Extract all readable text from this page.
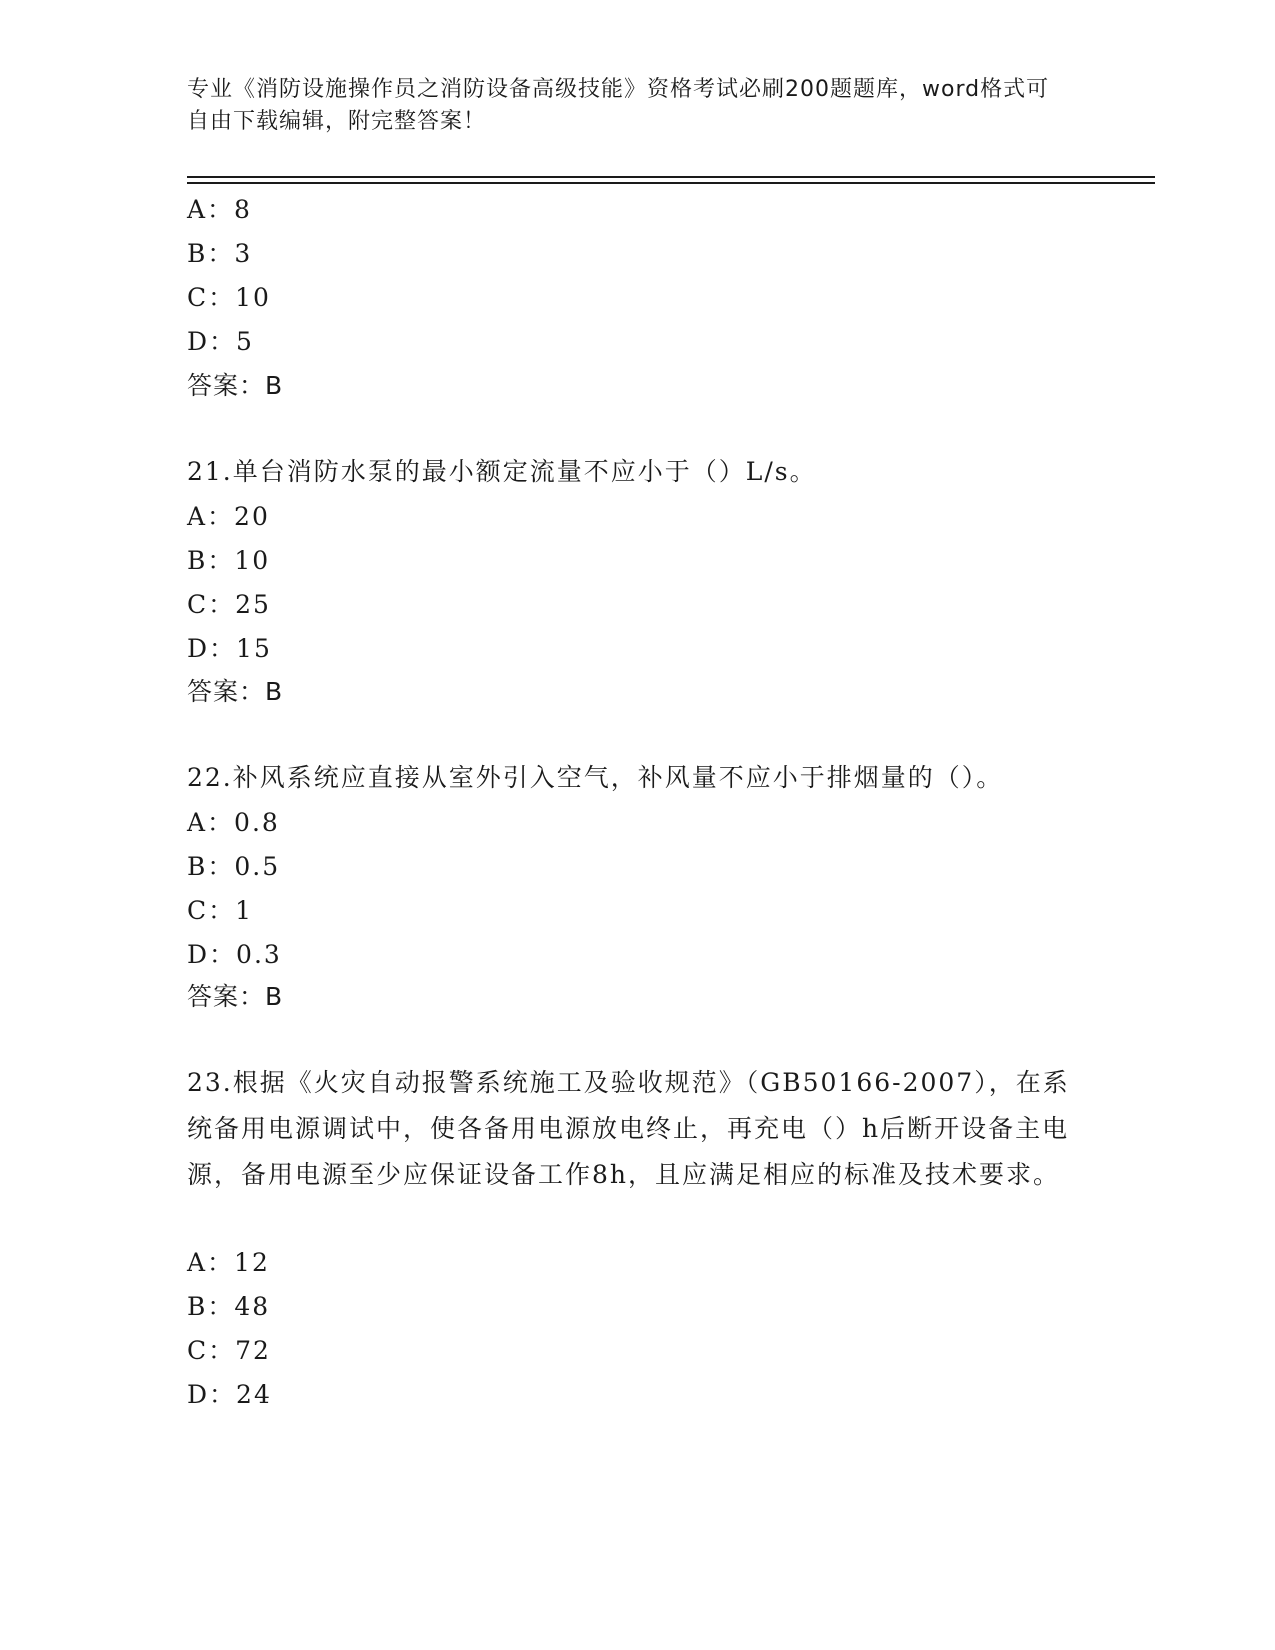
专业《消防设施操作员之消防设备高级技能》资格考试必刷200题题库，word格式可自由下载编辑，附完整答案！
A：8
B：3
C：10
D：5
答案：B
21.单台消防水泵的最小额定流量不应小于（）L/s。
A：20
B：10
C：25
D：15
答案：B
22.补风系统应直接从室外引入空气，补风量不应小于排烟量的（）。
A：0.8
B：0.5
C：1
D：0.3
答案：B
23.根据《火灾自动报警系统施工及验收规范》（GB50166-2007），在系统备用电源调试中，使各备用电源放电终止，再充电（）h后断开设备主电源，备用电源至少应保证设备工作8h，且应满足相应的标准及技术要求。
A：12
B：48
C：72
D：24
